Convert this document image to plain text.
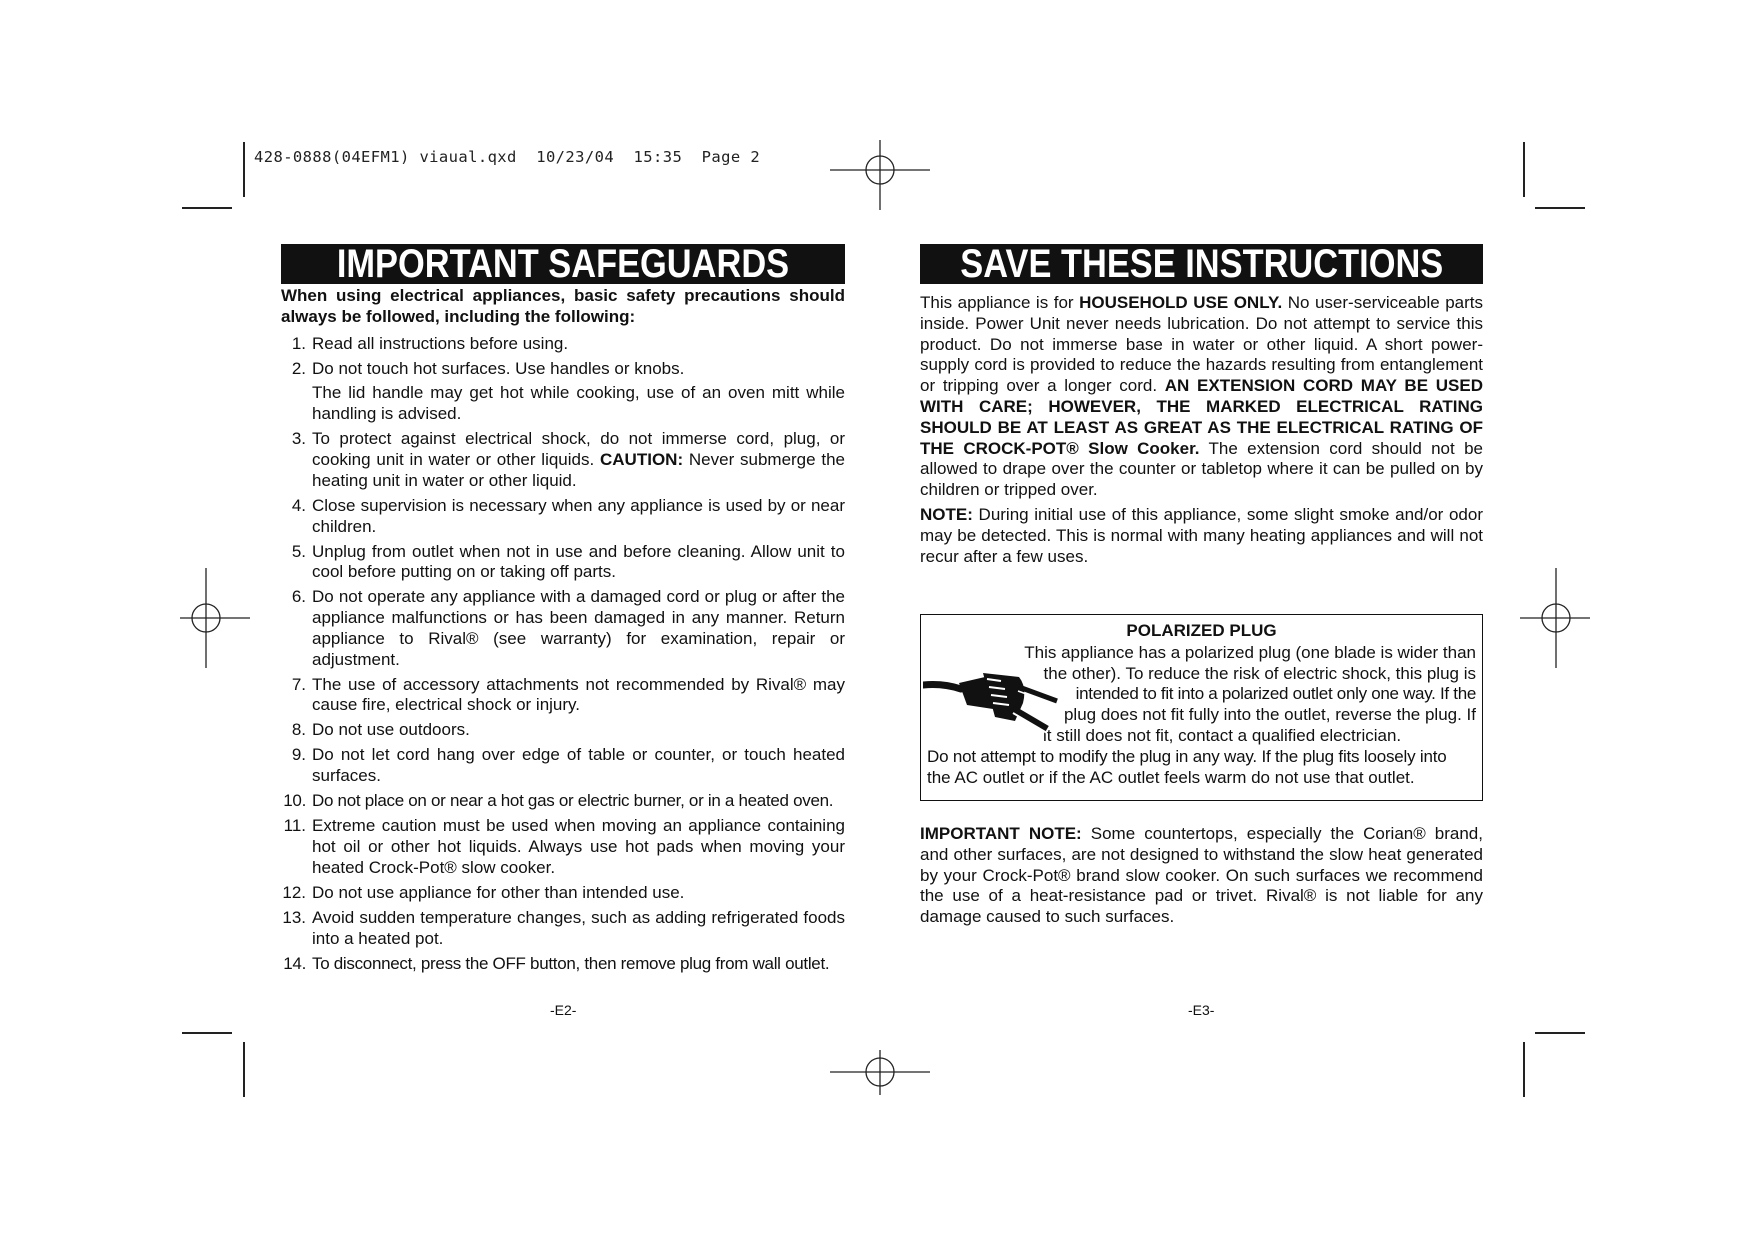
428-0888(04EFM1) viaual.qxd  10/23/04  15:35  Page 2
IMPORTANT SAFEGUARDS
When using electrical appliances, basic safety precautions should always be followed, including the following:
1. Read all instructions before using.
2. Do not touch hot surfaces. Use handles or knobs.
The lid handle may get hot while cooking, use of an oven mitt while handling is advised.
3. To protect against electrical shock, do not immerse cord, plug, or cooking unit in water or other liquids. CAUTION: Never submerge the heating unit in water or other liquid.
4. Close supervision is necessary when any appliance is used by or near children.
5. Unplug from outlet when not in use and before cleaning. Allow unit to cool before putting on or taking off parts.
6. Do not operate any appliance with a damaged cord or plug or after the appliance malfunctions or has been damaged in any manner. Return appliance to Rival® (see warranty) for examination, repair or adjustment.
7. The use of accessory attachments not recommended by Rival® may cause fire, electrical shock or injury.
8. Do not use outdoors.
9. Do not let cord hang over edge of table or counter, or touch heated surfaces.
10. Do not place on or near a hot gas or electric burner, or in a heated oven.
11. Extreme caution must be used when moving an appliance containing hot oil or other hot liquids. Always use hot pads when moving your heated Crock-Pot® slow cooker.
12. Do not use appliance for other than intended use.
13. Avoid sudden temperature changes, such as adding refrigerated foods into a heated pot.
14. To disconnect, press the OFF button, then remove plug from wall outlet.
-E2-
SAVE THESE INSTRUCTIONS

This appliance is for HOUSEHOLD USE ONLY. No user-serviceable parts inside. Power Unit never needs lubrication. Do not attempt to service this product. Do not immerse base in water or other liquid. A short power-supply cord is provided to reduce the hazards resulting from entanglement or tripping over a longer cord. AN EXTENSION CORD MAY BE USED WITH CARE; HOWEVER, THE MARKED ELECTRICAL RATING SHOULD BE AT LEAST AS GREAT AS THE ELECTRICAL RATING OF THE CROCK-POT® Slow Cooker. The extension cord should not be allowed to drape over the counter or tabletop where it can be pulled on by children or tripped over.

NOTE: During initial use of this appliance, some slight smoke and/or odor may be detected. This is normal with many heating appliances and will not recur after a few uses.

POLARIZED PLUG
This appliance has a polarized plug (one blade is wider than
the other). To reduce the risk of electric shock, this plug is
intended to fit into a polarized outlet only one way. If the
plug does not fit fully into the outlet, reverse the plug. If
it still does not fit, contact a qualified electrician.
Do not attempt to modify the plug in any way. If the plug fits loosely into
the AC outlet or if the AC outlet feels warm do not use that outlet.

IMPORTANT NOTE: Some countertops, especially the Corian® brand, and other surfaces, are not designed to withstand the slow heat generated by your Crock-Pot® brand slow cooker. On such surfaces we recommend the use of a heat-resistance pad or trivet. Rival® is not liable for any damage caused to such surfaces.

-E3-
